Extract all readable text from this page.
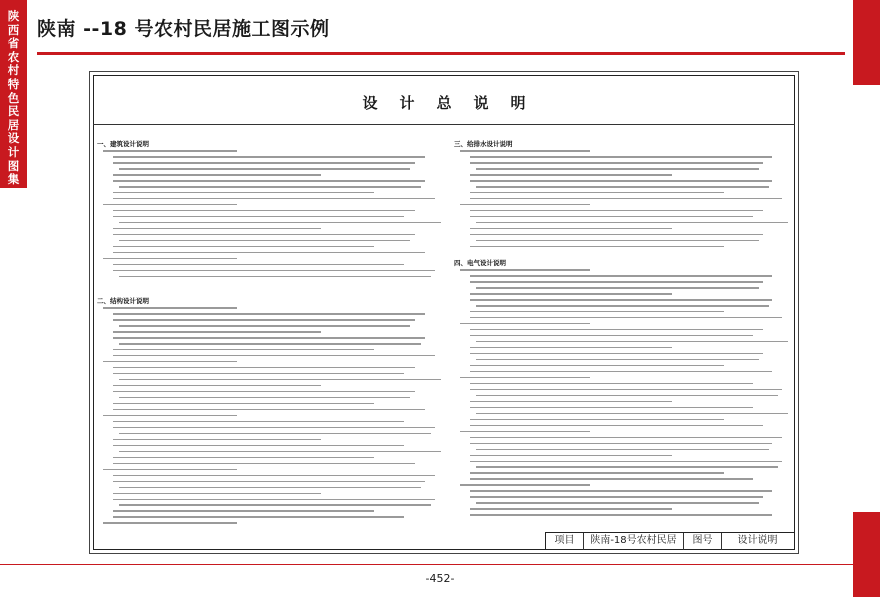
陕
西
省
农
村
特
色
民
居
设
计
图
集
陕南 --18 号农村民居施工图示例
设计总说明
一、建筑设计说明
二、结构设计说明
三、给排水设计说明
四、电气设计说明
项目	陕南-18号农村民居	图号	设计说明
-452-
